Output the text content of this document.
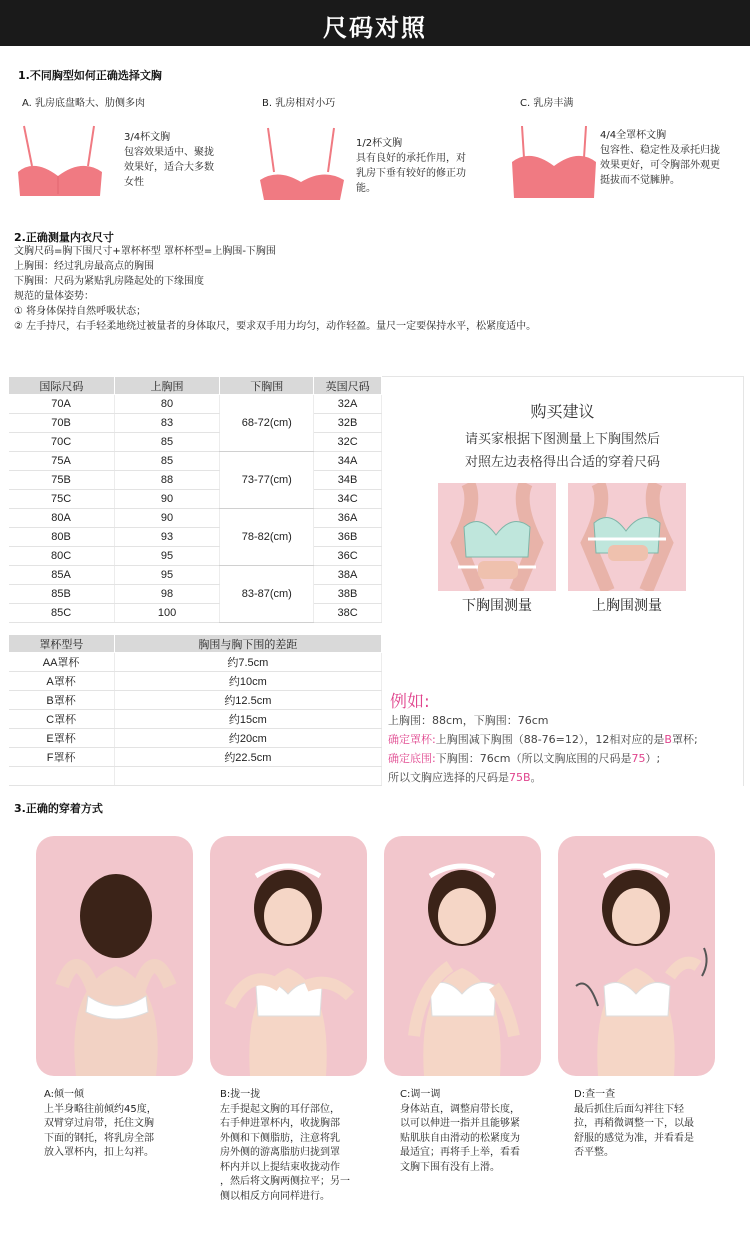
尺码对照
1.不同胸型如何正确选择文胸
A. 乳房底盘略大、肋侧多肉	B. 乳房相对小巧	C. 乳房丰满
3/4杯文胸
包容效果适中、聚拢
效果好，适合大多数
女性
1/2杯文胸
具有良好的承托作用，对
乳房下垂有较好的修正功
能。
4/4全罩杯文胸
包容性、稳定性及承托归拢
效果更好，可令胸部外观更
挺拔而不觉臃肿。
2.正确测量内衣尺寸
文胸尺码=胸下围尺寸+罩杯杯型 罩杯杯型=上胸围-下胸围
上胸围：经过乳房最高点的胸围
下胸围：尺码为紧贴乳房隆起处的下缘围度
规范的量体姿势：
① 将身体保持自然呼吸状态；
② 左手持尺，右手轻柔地绕过被量者的身体取尺，要求双手用力均匀，动作轻盈。量尺一定要保持水平，松紧度适中。
国际尺码	上胸围	下胸围	英国尺码
70A	80	68-72(cm)	32A
70B	83		32B
70C	85		32C
75A	85	73-77(cm)	34A
75B	88		34B
75C	90		34C
80A	90	78-82(cm)	36A
80B	93		36B
80C	95		36C
85A	95	83-87(cm)	38A
85B	98		38B
85C	100		38C
罩杯型号	胸围与胸下围的差距
AA罩杯	约7.5cm
A罩杯	约10cm
B罩杯	约12.5cm
C罩杯	约15cm
E罩杯	约20cm
F罩杯	约22.5cm

购买建议
请买家根据下图测量上下胸围然后
对照左边表格得出合适的穿着尺码
下胸围测量	上胸围测量
例如:
上胸围：88cm，下胸围：76cm
确定罩杯:上胸围减下胸围（88-76=12），12相对应的是B罩杯;
确定底围:下胸围：76cm（所以文胸底围的尺码是75）;
所以文胸应选择的尺码是75B。
3.正确的穿着方式
A:倾一倾
上半身略往前倾约45度，
双臂穿过肩带，托住文胸
下面的钢托，将乳房全部
放入罩杯内，扣上勾袢。
B:拢一拢
左手提起文胸的耳仔部位，
右手伸进罩杯内，收拢胸部
外侧和下侧脂肪，注意将乳
房外侧的游离脂肪归拢到罩
杯内并以上提结束收拢动作
，然后将文胸两侧拉平；另一
侧以相反方向同样进行。
C:调一调
身体站直，调整肩带长度，
以可以伸进一指并且能够紧
贴肌肤自由滑动的松紧度为
最适宜；再将手上举，看看
文胸下围有没有上滑。
D:查一查
最后抓住后面勾袢往下轻
拉，再稍微调整一下，以最
舒服的感觉为准，并看看是
否平整。
